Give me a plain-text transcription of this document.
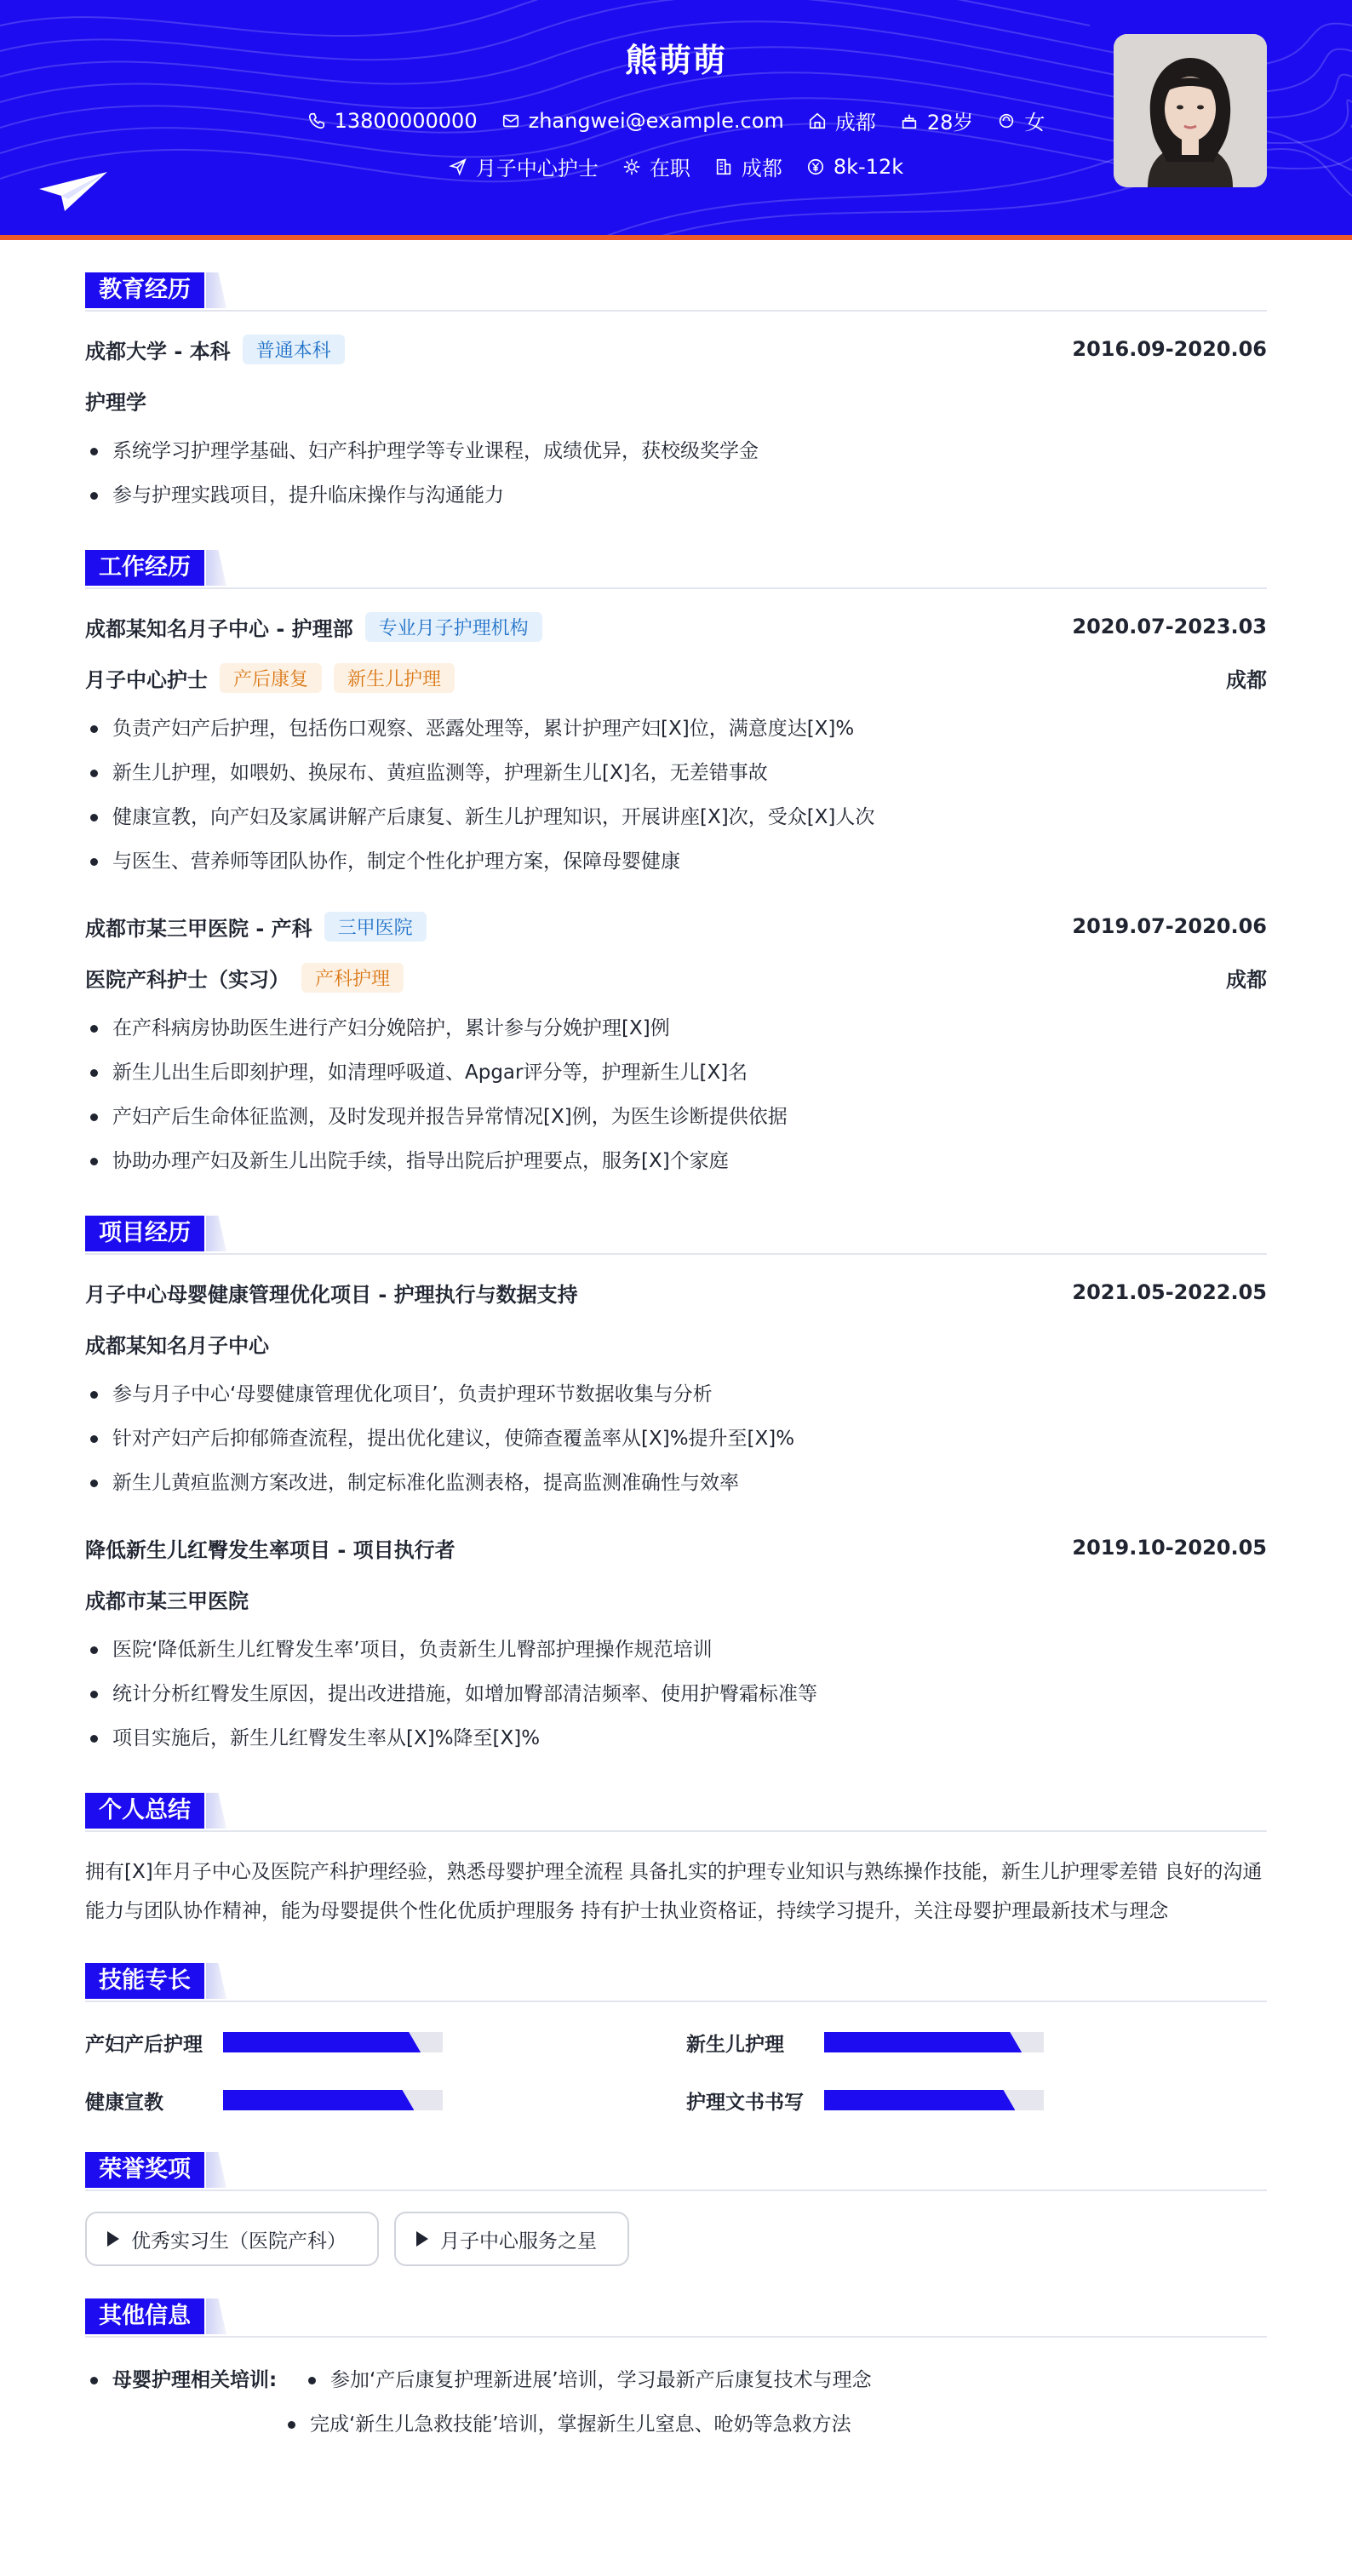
熊萌萌
13800000000	zhangwei@example.com	成都	28岁	女
月子中心护士	在职	成都	8k-12k
教育经历
成都大学 - 本科	普通本科	2016.09-2020.06
护理学
系统学习护理学基础、妇产科护理学等专业课程，成绩优异，获校级奖学金
参与护理实践项目，提升临床操作与沟通能力
工作经历
成都某知名月子中心 - 护理部	专业月子护理机构	2020.07-2023.03
月子中心护士	产后康复	新生儿护理	成都
负责产妇产后护理，包括伤口观察、恶露处理等，累计护理产妇[X]位，满意度达[X]%
新生儿护理，如喂奶、换尿布、黄疸监测等，护理新生儿[X]名，无差错事故
健康宣教，向产妇及家属讲解产后康复、新生儿护理知识，开展讲座[X]次，受众[X]人次
与医生、营养师等团队协作，制定个性化护理方案，保障母婴健康
成都市某三甲医院 - 产科	三甲医院	2019.07-2020.06
医院产科护士（实习）	产科护理	成都
在产科病房协助医生进行产妇分娩陪护，累计参与分娩护理[X]例
新生儿出生后即刻护理，如清理呼吸道、Apgar评分等，护理新生儿[X]名
产妇产后生命体征监测，及时发现并报告异常情况[X]例，为医生诊断提供依据
协助办理产妇及新生儿出院手续，指导出院后护理要点，服务[X]个家庭
项目经历
月子中心母婴健康管理优化项目 - 护理执行与数据支持	2021.05-2022.05
成都某知名月子中心
参与月子中心‘母婴健康管理优化项目’，负责护理环节数据收集与分析
针对产妇产后抑郁筛查流程，提出优化建议，使筛查覆盖率从[X]%提升至[X]%
新生儿黄疸监测方案改进，制定标准化监测表格，提高监测准确性与效率
降低新生儿红臀发生率项目 - 项目执行者	2019.10-2020.05
成都市某三甲医院
医院‘降低新生儿红臀发生率’项目，负责新生儿臀部护理操作规范培训
统计分析红臀发生原因，提出改进措施，如增加臀部清洁频率、使用护臀霜标准等
项目实施后，新生儿红臀发生率从[X]%降至[X]%
个人总结
拥有[X]年月子中心及医院产科护理经验，熟悉母婴护理全流程 具备扎实的护理专业知识与熟练操作技能，新生儿护理零差错 良好的沟通能力与团队协作精神，能为母婴提供个性化优质护理服务 持有护士执业资格证，持续学习提升，关注母婴护理最新技术与理念
技能专长
产妇产后护理	新生儿护理
健康宣教	护理文书书写
荣誉奖项
优秀实习生（医院产科）	月子中心服务之星
其他信息
母婴护理相关培训:	参加‘产后康复护理新进展’培训，学习最新产后康复技术与理念
完成‘新生儿急救技能’培训，掌握新生儿窒息、呛奶等急救方法
